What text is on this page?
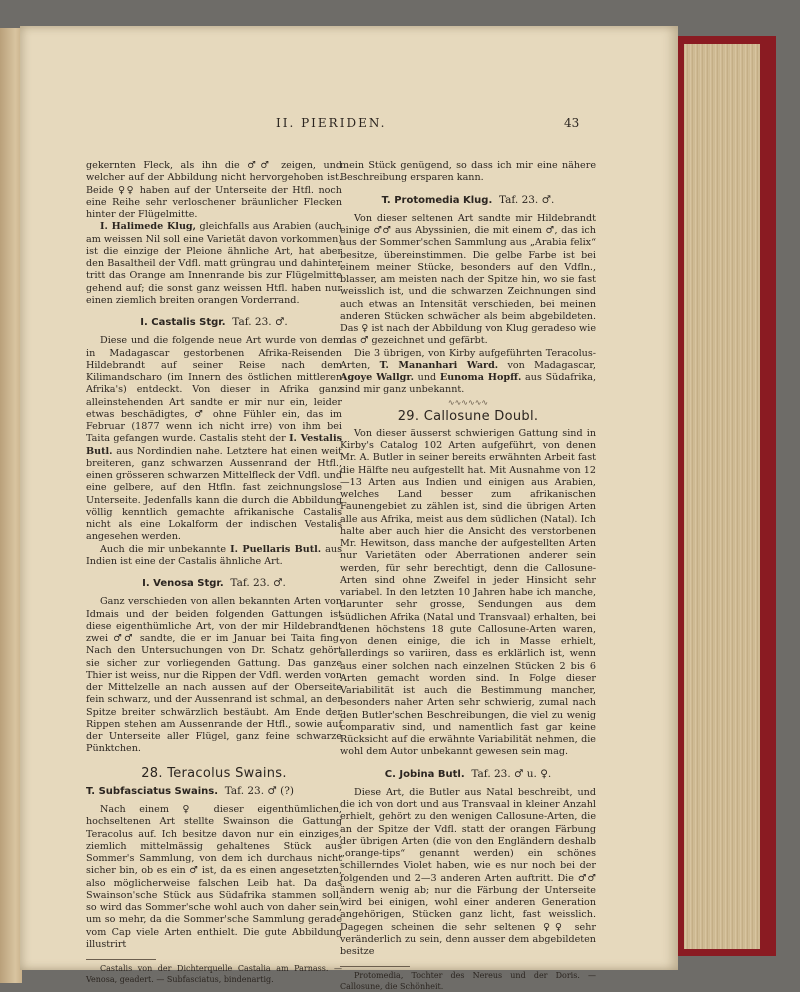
II. PIERIDEN.	43

gekernten Fleck, als ihn die ♂♂ zeigen, und welcher auf der Abbildung nicht hervorgehoben ist. Beide ♀♀ haben auf der Unterseite der Htfl. noch eine Reihe sehr verloschener bräunlicher Flecken hinter der Flügelmitte.

I. Halimede Klug, gleichfalls aus Arabien (auch am weissen Nil soll eine Varietät davon vorkommen) ist die einzige der Pleione ähnliche Art, hat aber den Basaltheil der Vdfl. matt grüngrau und dahinter tritt das Orange am Innenrande bis zur Flügelmitte gehend auf; die sonst ganz weissen Htfl. haben nur einen ziemlich breiten orangen Vorderrand.

I. Castalis Stgr. Taf. 23. ♂.

Diese und die folgende neue Art wurde von dem in Madagascar gestorbenen Afrika-Reisenden Hildebrandt auf seiner Reise nach dem Kilimandscharo (im Innern des östlichen mittleren Afrika's) entdeckt. Von dieser in Afrika ganz alleinstehenden Art sandte er mir nur ein, leider etwas beschädigtes, ♂ ohne Fühler ein, das im Februar (1877 wenn ich nicht irre) von ihm bei Taita gefangen wurde. Castalis steht der I. Vestalis Butl. aus Nordindien nahe. Letztere hat einen weit breiteren, ganz schwarzen Aussenrand der Htfl., einen grösseren schwarzen Mittelfleck der Vdfl. und eine gelbere, auf den Htfln. fast zeichnungslose Unterseite. Jedenfalls kann die durch die Abbildung völlig kenntlich gemachte afrikanische Castalis nicht als eine Lokalform der indischen Vestalis angesehen werden.

Auch die mir unbekannte I. Puellaris Butl. aus Indien ist eine der Castalis ähnliche Art.

I. Venosa Stgr. Taf. 23. ♂.

Ganz verschieden von allen bekannten Arten von Idmais und der beiden folgenden Gattungen ist diese eigenthümliche Art, von der mir Hildebrandt zwei ♂♂ sandte, die er im Januar bei Taita fing. Nach den Untersuchungen von Dr. Schatz gehört sie sicher zur vorliegenden Gattung. Das ganze Thier ist weiss, nur die Rippen der Vdfl. werden von der Mittelzelle an nach aussen auf der Oberseite fein schwarz, und der Aussenrand ist schmal, an der Spitze breiter schwärzlich bestäubt. Am Ende der Rippen stehen am Aussenrande der Htfl., sowie auf der Unterseite aller Flügel, ganz feine schwarze Pünktchen.

28. Teracolus Swains.
T. Subfasciatus Swains. Taf. 23. ♂ (?)

Nach einem ♀ dieser eigenthümlichen, hochseltenen Art stellte Swainson die Gattung Teracolus auf. Ich besitze davon nur ein einziges, ziemlich mittelmässig gehaltenes Stück aus Sommer's Sammlung, von dem ich durchaus nicht sicher bin, ob es ein ♂ ist, da es einen angesetzten, also möglicherweise falschen Leib hat. Da das Swainson'sche Stück aus Südafrika stammen soll, so wird das Sommer'sche wohl auch von daher sein, um so mehr, da die Sommer'sche Sammlung gerade vom Cap viele Arten enthielt. Die gute Abbildung illustrirt

Castalis von der Dichterquelle Castalia am Parnass. — Venosa, geadert. — Subfasciatus, bindenartig.

mein Stück genügend, so dass ich mir eine nähere Beschreibung ersparen kann.

T. Protomedia Klug. Taf. 23. ♂.

Von dieser seltenen Art sandte mir Hildebrandt einige ♂♂ aus Abyssinien, die mit einem ♂, das ich aus der Sommer'schen Sammlung aus „Arabia felix“ besitze, übereinstimmen. Die gelbe Farbe ist bei einem meiner Stücke, besonders auf den Vdfln., blasser, am meisten nach der Spitze hin, wo sie fast weisslich ist, und die schwarzen Zeichnungen sind auch etwas an Intensität verschieden, bei meinen anderen Stücken schwächer als beim abgebildeten. Das ♀ ist nach der Abbildung von Klug geradeso wie das ♂ gezeichnet und gefärbt.

Die 3 übrigen, von Kirby aufgeführten Teracolus-Arten, T. Mananhari Ward. von Madagascar, Agoye Wallgr. und Eunoma Hopff. aus Südafrika, sind mir ganz unbekannt.

∿∿∿∿∿∿
29. Callosune Doubl.

Von dieser äusserst schwierigen Gattung sind in Kirby's Catalog 102 Arten aufgeführt, von denen Mr. A. Butler in seiner bereits erwähnten Arbeit fast die Hälfte neu aufgestellt hat. Mit Ausnahme von 12—13 Arten aus Indien und einigen aus Arabien, welches Land besser zum afrikanischen Faunengebiet zu zählen ist, sind die übrigen Arten alle aus Afrika, meist aus dem südlichen (Natal). Ich halte aber auch hier die Ansicht des verstorbenen Mr. Hewitson, dass manche der aufgestellten Arten nur Varietäten oder Aberrationen anderer sein werden, für sehr berechtigt, denn die Callosune-Arten sind ohne Zweifel in jeder Hinsicht sehr variabel. In den letzten 10 Jahren habe ich manche, darunter sehr grosse, Sendungen aus dem südlichen Afrika (Natal und Transvaal) erhalten, bei denen höchstens 18 gute Callosune-Arten waren, von denen einige, die ich in Masse erhielt, allerdings so variiren, dass es erklärlich ist, wenn aus einer solchen nach einzelnen Stücken 2 bis 6 Arten gemacht worden sind. In Folge dieser Variabilität ist auch die Bestimmung mancher, besonders naher Arten sehr schwierig, zumal nach den Butler'schen Beschreibungen, die viel zu wenig comparativ sind, und namentlich fast gar keine Rücksicht auf die erwähnte Variabilität nehmen, die wohl dem Autor unbekannt gewesen sein mag.

C. Jobina Butl. Taf. 23. ♂ u. ♀.

Diese Art, die Butler aus Natal beschreibt, und die ich von dort und aus Transvaal in kleiner Anzahl erhielt, gehört zu den wenigen Callosune-Arten, die an der Spitze der Vdfl. statt der orangen Färbung der übrigen Arten (die von den Engländern deshalb „orange-tips“ genannt werden) ein schönes schillerndes Violet haben, wie es nur noch bei der folgenden und 2—3 anderen Arten auftritt. Die ♂♂ ändern wenig ab; nur die Färbung der Unterseite wird bei einigen, wohl einer anderen Generation angehörigen, Stücken ganz licht, fast weisslich. Dagegen scheinen die sehr seltenen ♀♀ sehr veränderlich zu sein, denn ausser dem abgebildeten besitze

Protomedia, Tochter des Nereus und der Doris. — Callosune, die Schönheit.
